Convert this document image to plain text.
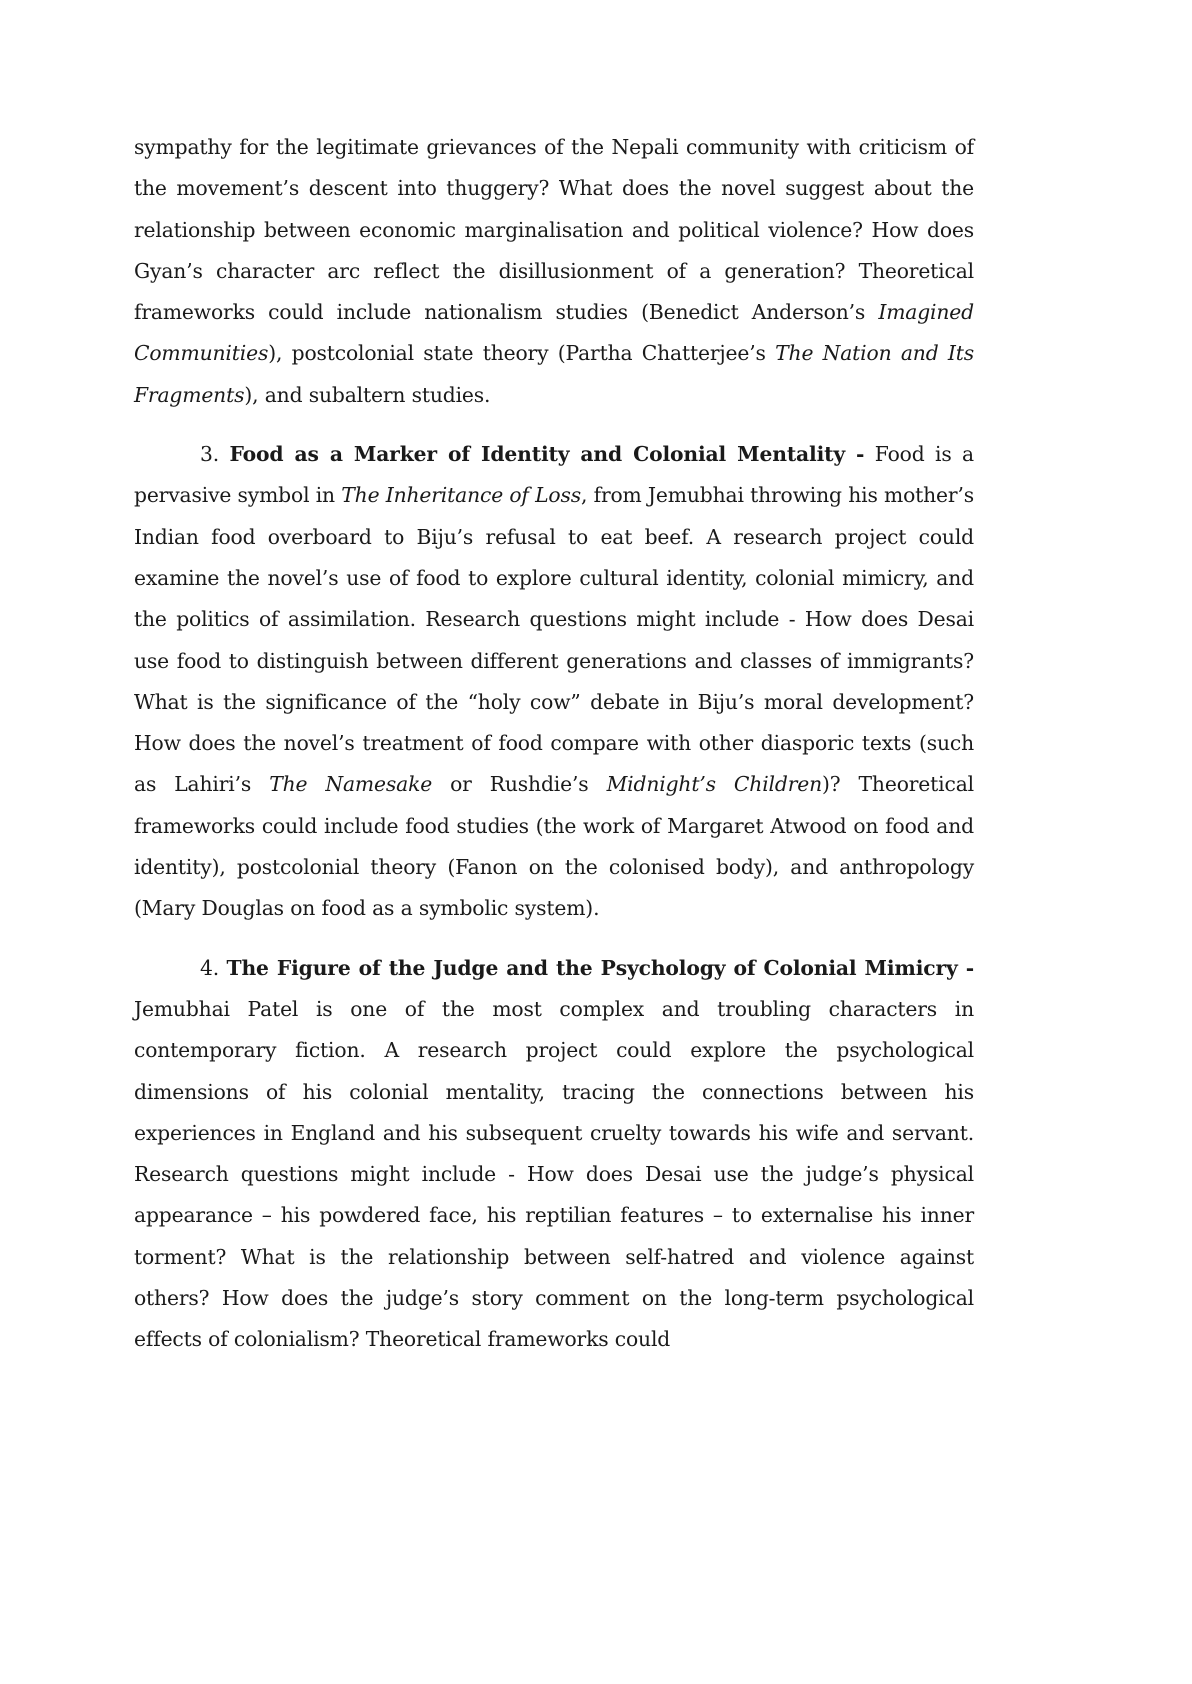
sympathy for the legitimate grievances of the Nepali community with criticism of the movement’s descent into thuggery? What does the novel suggest about the relationship between economic marginalisation and political violence? How does Gyan’s character arc reflect the disillusionment of a generation? Theoretical frameworks could include nationalism studies (Benedict Anderson’s Imagined Communities), postcolonial state theory (Partha Chatterjee’s The Nation and Its Fragments), and subaltern studies.

3. Food as a Marker of Identity and Colonial Mentality - Food is a pervasive symbol in The Inheritance of Loss, from Jemubhai throwing his mother’s Indian food overboard to Biju’s refusal to eat beef. A research project could examine the novel’s use of food to explore cultural identity, colonial mimicry, and the politics of assimilation. Research questions might include - How does Desai use food to distinguish between different generations and classes of immigrants? What is the significance of the “holy cow” debate in Biju’s moral development? How does the novel’s treatment of food compare with other diasporic texts (such as Lahiri’s The Namesake or Rushdie’s Midnight’s Children)? Theoretical frameworks could include food studies (the work of Margaret Atwood on food and identity), postcolonial theory (Fanon on the colonised body), and anthropology (Mary Douglas on food as a symbolic system).

4. The Figure of the Judge and the Psychology of Colonial Mimicry - Jemubhai Patel is one of the most complex and troubling characters in contemporary fiction. A research project could explore the psychological dimensions of his colonial mentality, tracing the connections between his experiences in England and his subsequent cruelty towards his wife and servant. Research questions might include - How does Desai use the judge’s physical appearance – his powdered face, his reptilian features – to externalise his inner torment? What is the relationship between self-hatred and violence against others? How does the judge’s story comment on the long-term psychological effects of colonialism? Theoretical frameworks could
